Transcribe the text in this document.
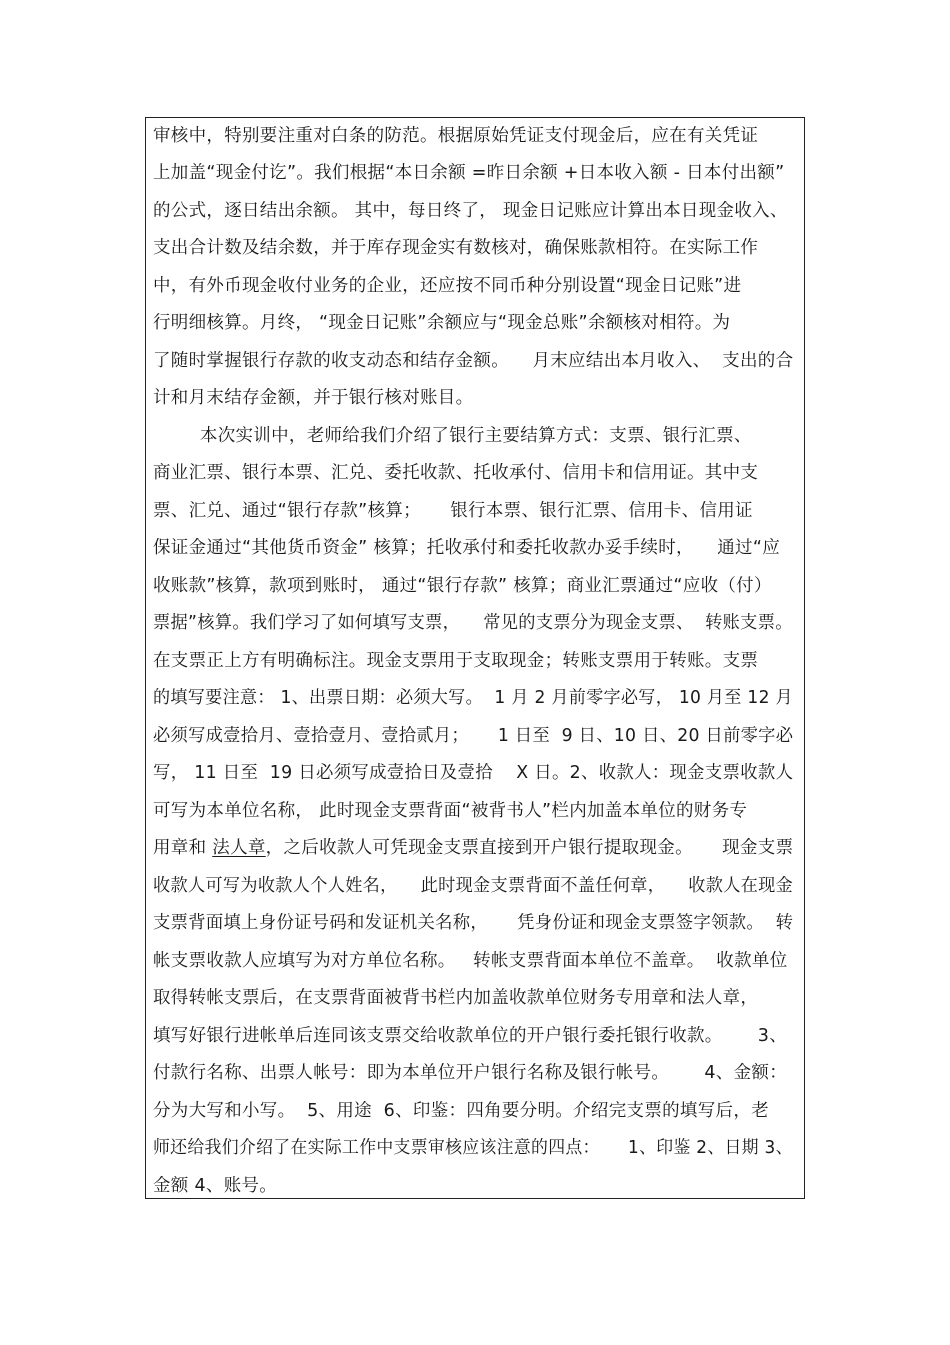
审核中，特别要注重对白条的防范。根据原始凭证支付现金后，应在有关凭证
上加盖“现金付讫”。我们根据“本日余额 =昨日余额 +日本收入额 - 日本付出额”
的公式，逐日结出余额。 其中，每日终了， 现金日记账应计算出本日现金收入、
支出合计数及结余数，并于库存现金实有数核对，确保账款相符。在实际工作
中，有外币现金收付业务的企业，还应按不同币种分别设置“现金日记账”进
行明细核算。月终， “现金日记账”余额应与“现金总账”余额核对相符。为
了随时掌握银行存款的收支动态和结存金额。    月末应结出本月收入、  支出的合
计和月末结存金额，并于银行核对账目。
本次实训中，老师给我们介绍了银行主要结算方式：支票、银行汇票、
商业汇票、银行本票、汇兑、委托收款、托收承付、信用卡和信用证。其中支
票、汇兑、通过“银行存款”核算；     银行本票、银行汇票、信用卡、信用证
保证金通过“其他货币资金” 核算；托收承付和委托收款办妥手续时，    通过“应
收账款”核算，款项到账时， 通过“银行存款” 核算；商业汇票通过“应收（付）
票据”核算。我们学习了如何填写支票，    常见的支票分为现金支票、  转账支票。
在支票正上方有明确标注。现金支票用于支取现金；转账支票用于转账。支票
的填写要注意： 1、出票日期：必须大写。  1 月 2 月前零字必写， 10 月至 12 月
必须写成壹拾月、壹拾壹月、壹拾贰月；     1 日至  9 日、10 日、20 日前零字必
写， 11 日至  19 日必须写成壹拾日及壹拾    X 日。2、收款人：现金支票收款人
可写为本单位名称， 此时现金支票背面“被背书人”栏内加盖本单位的财务专
用章和 法人章，之后收款人可凭现金支票直接到开户银行提取现金。     现金支票
收款人可写为收款人个人姓名，    此时现金支票背面不盖任何章，    收款人在现金
支票背面填上身份证号码和发证机关名称，     凭身份证和现金支票签字领款。  转
帐支票收款人应填写为对方单位名称。   转帐支票背面本单位不盖章。  收款单位
取得转帐支票后，在支票背面被背书栏内加盖收款单位财务专用章和法人章，
填写好银行进帐单后连同该支票交给收款单位的开户银行委托银行收款。      3、
付款行名称、出票人帐号：即为本单位开户银行名称及银行帐号。      4、金额：
分为大写和小写。  5、用途  6、印鉴：四角要分明。介绍完支票的填写后，老
师还给我们介绍了在实际工作中支票审核应该注意的四点：     1、印鉴 2、日期 3、
金额 4、账号。
